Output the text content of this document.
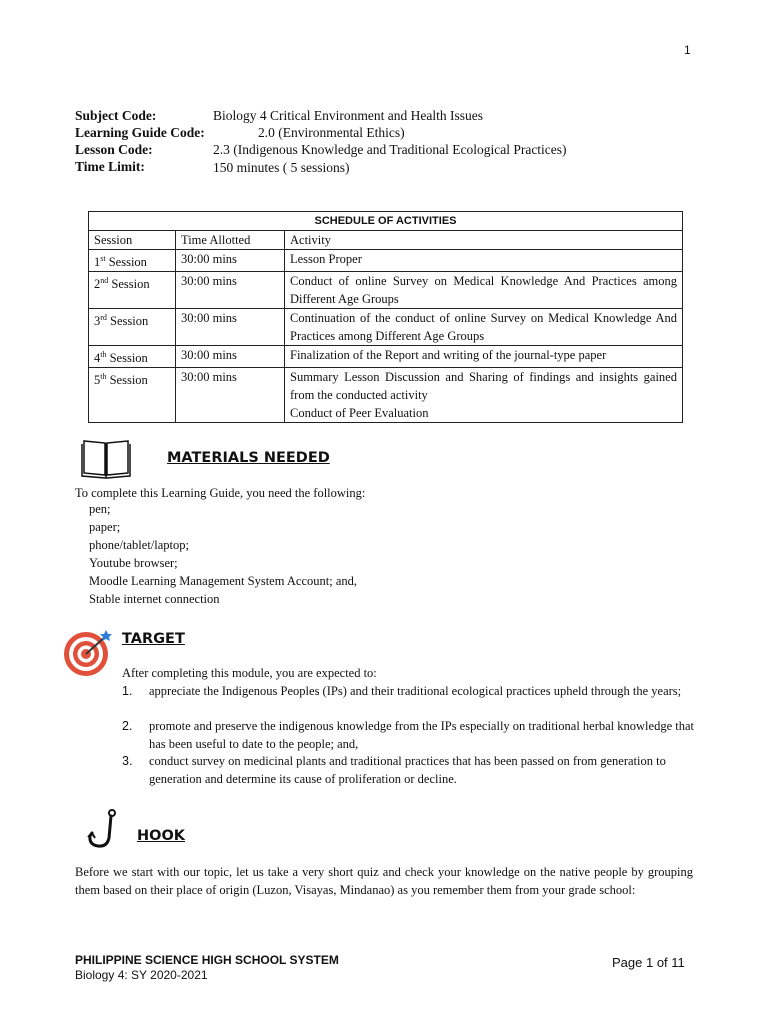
1
Subject Code:	Biology 4 Critical Environment and Health Issues
Learning Guide Code:	2.0 (Environmental Ethics)
Lesson Code:	2.3 (Indigenous Knowledge and Traditional Ecological Practices)
Time Limit:	150 minutes ( 5 sessions)
SCHEDULE OF ACTIVITIES		
Session	Time Allotted	Activity
1st Session	30:00 mins	Lesson Proper

2nd Session	30:00 mins	Conduct of online Survey on Medical Knowledge And Practices among Different Age Groups

3rd Session	30:00 mins	Continuation of the conduct of online Survey on Medical Knowledge And Practices among Different Age Groups

4th Session	30:00 mins	Finalization of the Report and writing of the journal-type paper

5th Session	30:00 mins	Summary Lesson Discussion and Sharing of findings and insights gained from the conducted activity
Conduct of Peer Evaluation
MATERIALS NEEDED
To complete this Learning Guide, you need the following:
pen;
paper;
phone/tablet/laptop;
Youtube browser;
Moodle Learning Management System Account; and,
Stable internet connection
TARGET
After completing this module, you are expected to:
1. appreciate the Indigenous Peoples (IPs) and their traditional ecological practices upheld through the years;
2. promote and preserve the indigenous knowledge from the IPs especially on traditional herbal knowledge that has been useful to date to the people; and,
3. conduct survey on medicinal plants and traditional practices that has been passed on from generation to generation and determine its cause of proliferation or decline.
HOOK
Before we start with our topic, let us take a very short quiz and check your knowledge on the native people by grouping them based on their place of origin (Luzon, Visayas, Mindanao) as you remember them from your grade school:
PHILIPPINE SCIENCE HIGH SCHOOL SYSTEM
Biology 4: SY 2020-2021
Page 1 of 11
